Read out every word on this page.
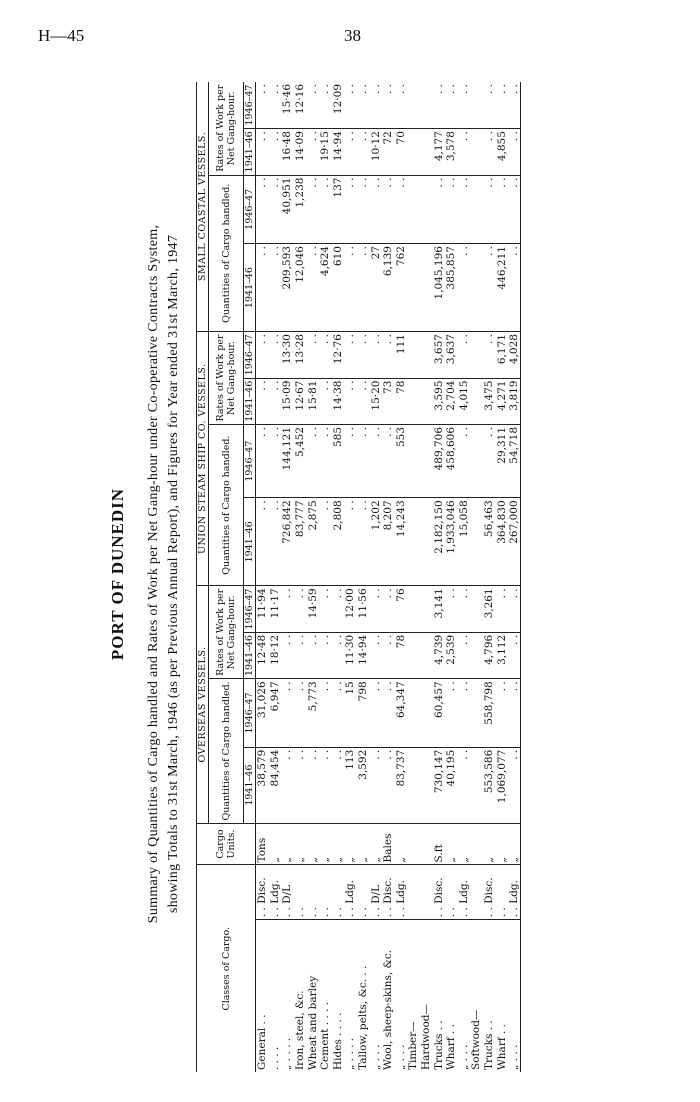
H—45	38
PORT OF DUNEDIN Summary of Quantities of Cargo handled and Rates of Work per Net Gang-hour under Co-operative Contracts System, showing Totals to 31st March, 1946 (as per Previous Annual Report), and Figures for Year ended 31st March, 1947
Classes of Cargo.		Cargo Units.	OVERSEAS VESSELS.				UNION STEAM SHIP CO. VESSELS.				SMALL COASTAL VESSELS.			
			Quantities of Cargo handled.		Rates of Work per Net Gang-hour.		Quantities of Cargo handled.		Rates of Work per Net Gang-hour.		Quantities of Cargo handled.		Rates of Work per Net Gang-hour.	
			1941–46	1946–47	1941–46	1946–47	1941–46	1946–47	1941–46	1946–47	1941–46	1946–47	1941–46	1946–47
General . .	. . Disc.	Tons	38,579	31,026	12·48	11·94	. .	. .	. .	. .	. .	. .	. .	. .
. . . .	. . Ldg.	„	84,454	6,947	18·12	11·17	. .	. .	. .	. .	. .	. .	. .	. .
„ . . . .	. . D/L	„	. .	. .	. .	. .	726,842	144,121	15·09	13·30	209,593	40,951	16·48	15·46
Iron, steel, &c.	. .	„	. .	. .	. .	. .	83,777	5,452	12·67	13·28	12,046	1,238	14·09	12·16
Wheat and barley	. .	„	. .	5,773	. .	14·59	2,875	. .	15·81	. .	. .	. .	. .	. .
Cement . . . .	. .	„	. .	. .	. .	. .	. .	. .	. .	. .	4,624	. .	19·15	. .
Hides . . . .	. .	„	. .	. .	. .	. .	2,808	585	14·38	12·76	610	137	14·94	12·09
„ . . . .	. . Ldg.	„	113	15	11·30	12·00	. .	. .	. .	. .	. .	. .	. .	. .
Tallow, pelts, &c. . .	. .	„	3,592	798	14·94	11·56	. .	. .	. .	. .	. .	. .	. .	. .
„ . . .	. . D/L	„	. .	. .	. .	. .	1,202	. .	15·20	. .	27	. .	10·12	. .
Wool, sheep-skins, &c.	. . Disc.	Bales	. .	. .	. .	. .	8,207	. .	73	. .	6,139	. .	72	. .
„ . . .	. . Ldg.	„	83,737	64,347	78	76	14,243	553	78	111	762	. .	70	. .
Timber—														
Hardwood—														
Trucks . .	. . Disc.	S.ft	730,147	60,457	4,739	3,141	2,182,150	489,706	3,595	3,657	1,045,196	. .	4,177	. .
Wharf . .	. .	„	40,195	. .	2,539	. .	1,933,046	458,606	2,704	3,637	385,857	. .	3,578	. .
„ . . .	. . Ldg.	„	. .	. .	. .	. .	15,058	. .	4,015	. .	. .	. .	. .	. .
Softwood—														
Trucks . .	. . Disc.	„	553,586	558,798	4,796	3,261	56,463	. .	3,475	. .	. .	. .	. .	. .
Wharf . .	. .	„	1,069,077	. .	3,112	. .	364,830	29,311	4,271	6,171	446,211	. .	4,855	. .
„ . . .	. . Ldg.	„	. .	. .	. .	. .	267,000	54,718	3,819	4,028	. .	. .	. .	. .
